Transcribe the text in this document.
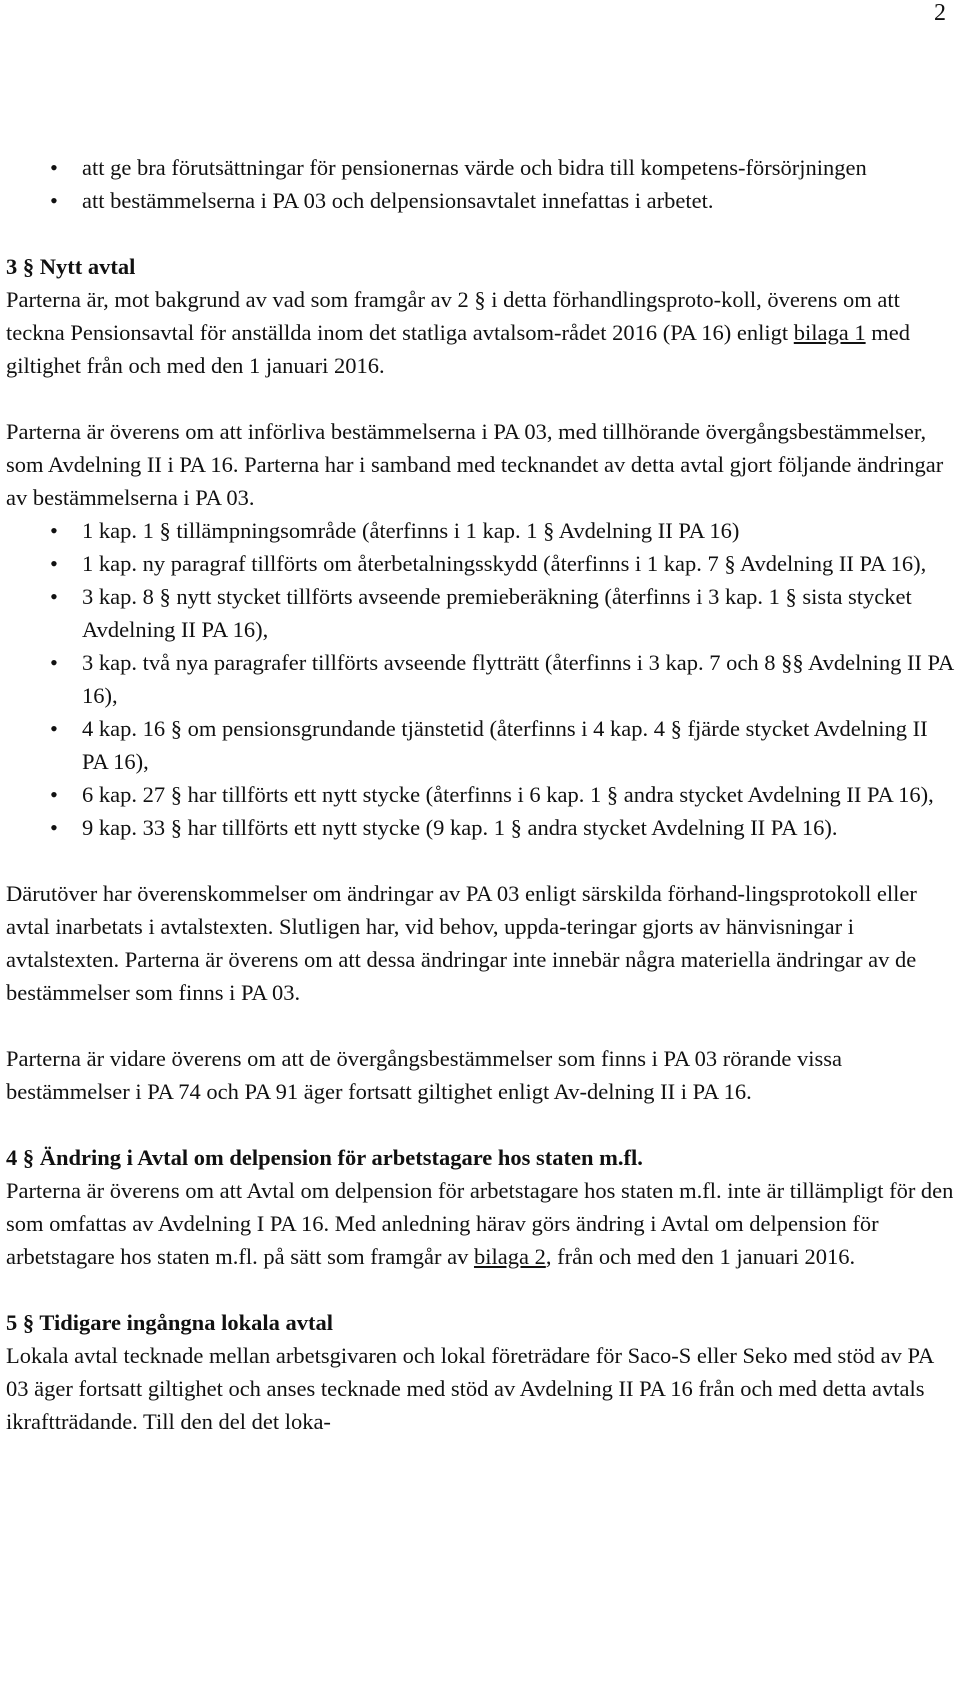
2
• att ge bra förutsättningar för pensionernas värde och bidra till kompetens-försörjningen
• att bestämmelserna i PA 03 och delpensionsavtalet innefattas i arbetet.
3 § Nytt avtal

Parterna är, mot bakgrund av vad som framgår av 2 § i detta förhandlingsproto-koll, överens om att teckna Pensionsavtal för anställda inom det statliga avtalsom-rådet 2016 (PA 16) enligt bilaga 1 med giltighet från och med den 1 januari 2016.

Parterna är överens om att införliva bestämmelserna i PA 03, med tillhörande övergångsbestämmelser, som Avdelning II i PA 16. Parterna har i samband med tecknandet av detta avtal gjort följande ändringar av bestämmelserna i PA 03.

• 1 kap. 1 § tillämpningsområde (återfinns i 1 kap. 1 § Avdelning II PA 16)
• 1 kap. ny paragraf tillförts om återbetalningsskydd (återfinns i 1 kap. 7 § Avdelning II PA 16),
• 3 kap. 8 § nytt stycket tillförts avseende premieberäkning (återfinns i 3 kap. 1 § sista stycket Avdelning II PA 16),
• 3 kap. två nya paragrafer tillförts avseende flytträtt (återfinns i 3 kap. 7 och 8 §§ Avdelning II PA 16),
• 4 kap. 16 § om pensionsgrundande tjänstetid (återfinns i 4 kap. 4 § fjärde stycket Avdelning II PA 16),
• 6 kap. 27 § har tillförts ett nytt stycke (återfinns i 6 kap. 1 § andra stycket Avdelning II PA 16),
• 9 kap. 33 § har tillförts ett nytt stycke (9 kap. 1 § andra stycket Avdelning II PA 16).

Därutöver har överenskommelser om ändringar av PA 03 enligt särskilda förhand-lingsprotokoll eller avtal inarbetats i avtalstexten. Slutligen har, vid behov, uppda-teringar gjorts av hänvisningar i avtalstexten. Parterna är överens om att dessa ändringar inte innebär några materiella ändringar av de bestämmelser som finns i PA 03.

Parterna är vidare överens om att de övergångsbestämmelser som finns i PA 03 rörande vissa bestämmelser i PA 74 och PA 91 äger fortsatt giltighet enligt Av-delning II i PA 16.

4 § Ändring i Avtal om delpension för arbetstagare hos staten m.fl.

Parterna är överens om att Avtal om delpension för arbetstagare hos staten m.fl. inte är tillämpligt för den som omfattas av Avdelning I PA 16. Med anledning härav görs ändring i Avtal om delpension för arbetstagare hos staten m.fl. på sätt som framgår av bilaga 2, från och med den 1 januari 2016.

5 § Tidigare ingångna lokala avtal

Lokala avtal tecknade mellan arbetsgivaren och lokal företrädare för Saco-S eller Seko med stöd av PA 03 äger fortsatt giltighet och anses tecknade med stöd av Avdelning II PA 16 från och med detta avtals ikraftträdande. Till den del det loka-
